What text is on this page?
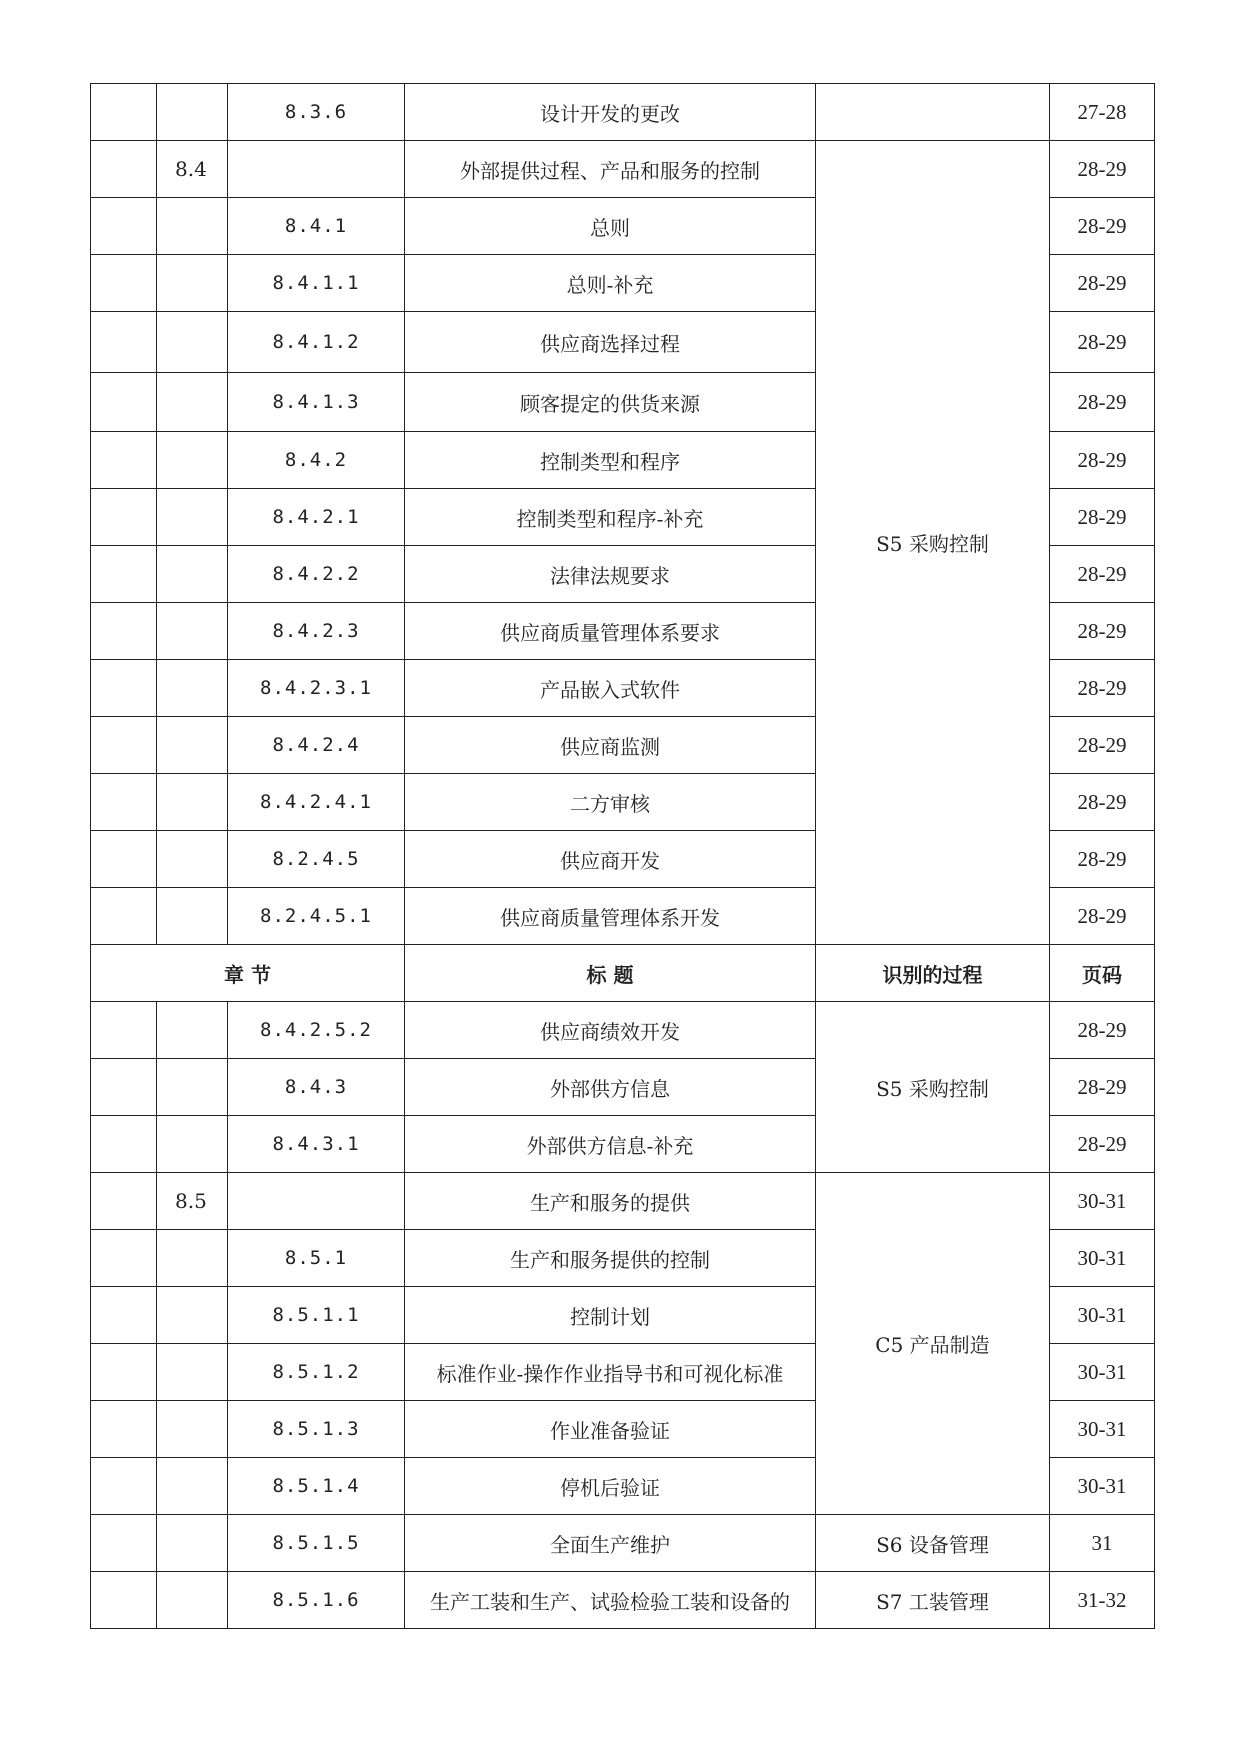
		8.3.6	设计开发的更改		27-28
	8.4		外部提供过程、产品和服务的控制	S5 采购控制	28-29
		8.4.1	总则		28-29
		8.4.1.1	总则-补充		28-29
		8.4.1.2	供应商选择过程		28-29
		8.4.1.3	顾客提定的供货来源		28-29
		8.4.2	控制类型和程序		28-29
		8.4.2.1	控制类型和程序-补充		28-29
		8.4.2.2	法律法规要求		28-29
		8.4.2.3	供应商质量管理体系要求		28-29
		8.4.2.3.1	产品嵌入式软件		28-29
		8.4.2.4	供应商监测		28-29
		8.4.2.4.1	二方审核		28-29
		8.2.4.5	供应商开发		28-29
		8.2.4.5.1	供应商质量管理体系开发		28-29
章 节			标 题	识别的过程	页码
		8.4.2.5.2	供应商绩效开发	S5 采购控制	28-29
		8.4.3	外部供方信息		28-29
		8.4.3.1	外部供方信息-补充		28-29
	8.5		生产和服务的提供	C5 产品制造	30-31
		8.5.1	生产和服务提供的控制		30-31
		8.5.1.1	控制计划		30-31
		8.5.1.2	标准作业-操作作业指导书和可视化标准		30-31
		8.5.1.3	作业准备验证		30-31
		8.5.1.4	停机后验证		30-31
		8.5.1.5	全面生产维护	S6 设备管理	31
		8.5.1.6	生产工装和生产、试验检验工装和设备的	S7 工装管理	31-32
